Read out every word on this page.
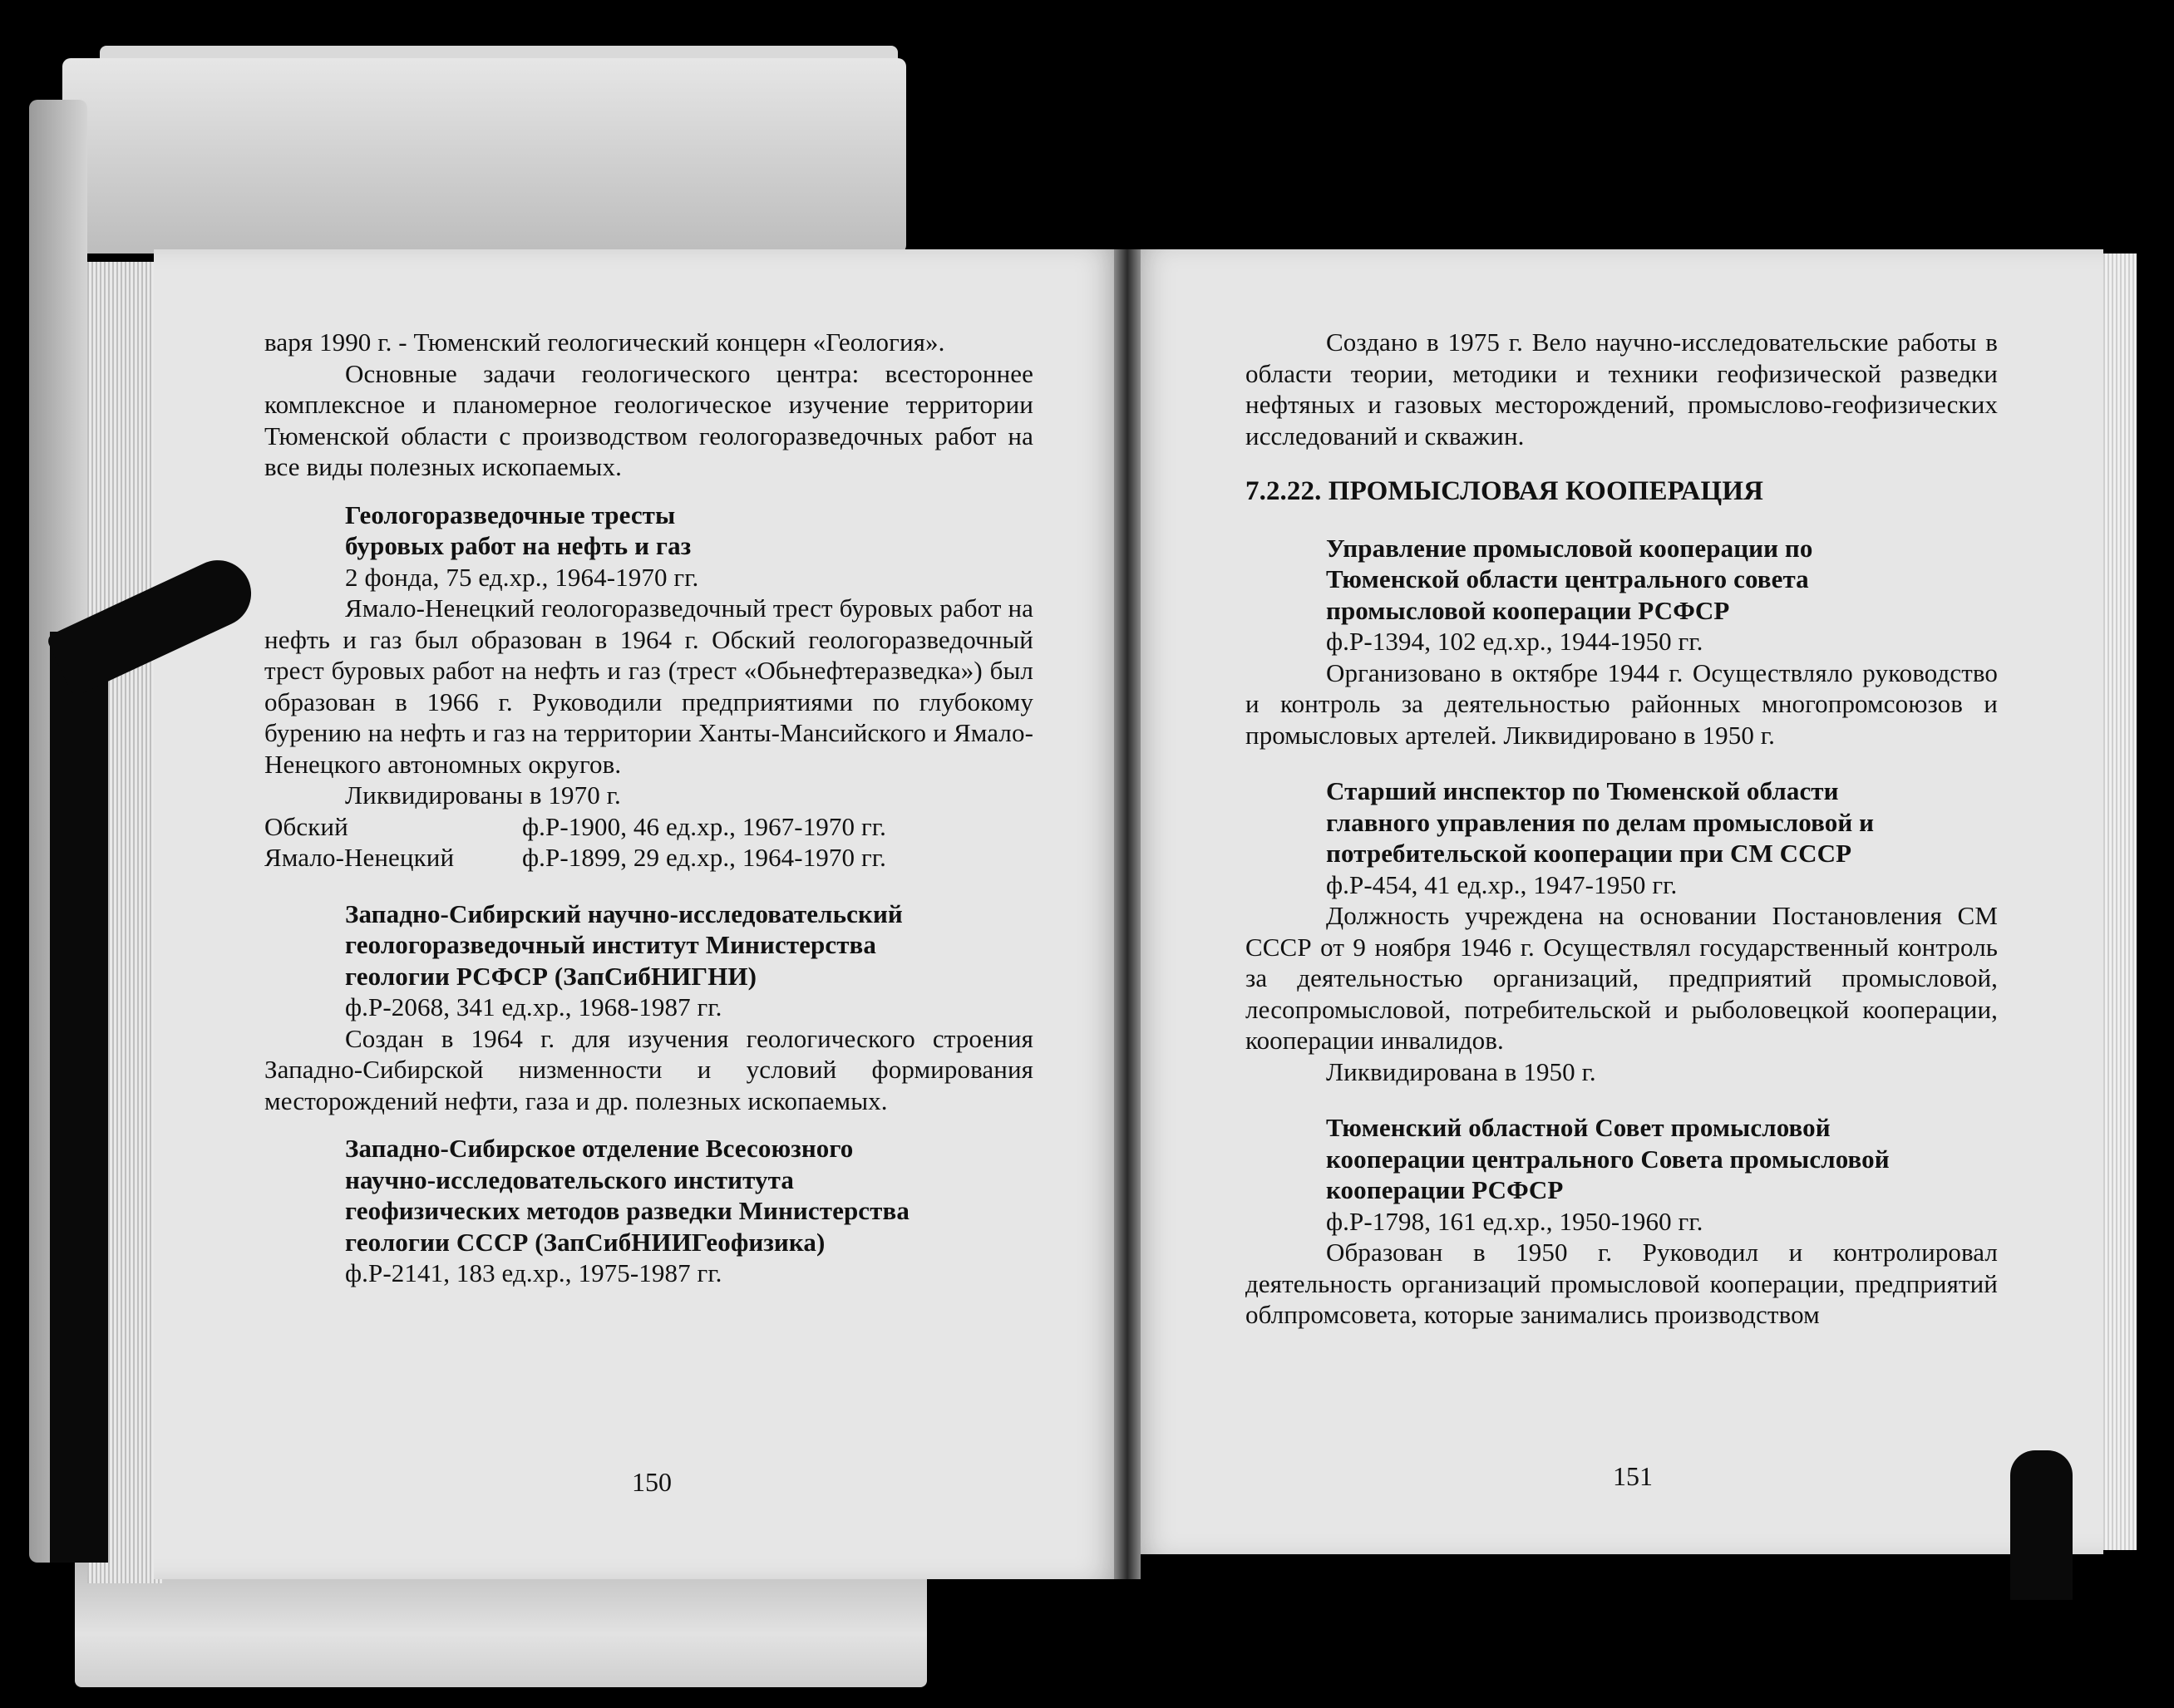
варя 1990 г. - Тюменский геологический концерн «Геология».

Основные задачи геологического центра: всестороннее комплексное и планомерное геологическое изучение территории Тюменской области с производством геологоразведочных работ на все виды полезных ископаемых.

Геологоразведочные тресты

буровых работ на нефть и газ

2 фонда, 75 ед.хр., 1964-1970 гг.

Ямало-Ненецкий геологоразведочный трест буровых работ на нефть и газ был образован в 1964 г. Обский геологоразведочный трест буровых работ на нефть и газ (трест «Обьнефтеразведка») был образован в 1966 г. Руководили предприятиями по глубокому бурению на нефть и газ на территории Ханты-Мансийского и Ямало-Ненецкого автономных округов.

Ликвидированы в 1970 г.

Обский	ф.Р-1900, 46 ед.хр., 1967-1970 гг.
Ямало-Ненецкий	ф.Р-1899, 29 ед.хр., 1964-1970 гг.

Западно-Сибирский научно-исследовательский

геологоразведочный институт Министерства

геологии РСФСР (ЗапСибНИГНИ)

ф.Р-2068, 341 ед.хр., 1968-1987 гг.

Создан в 1964 г. для изучения геологического строения Западно-Сибирской низменности и условий формирования месторождений нефти, газа и др. полезных ископаемых.

Западно-Сибирское отделение Всесоюзного

научно-исследовательского института

геофизических методов разведки Министерства

геологии СССР (ЗапСибНИИГеофизика)

ф.Р-2141, 183 ед.хр., 1975-1987 гг.

150

Создано в 1975 г. Вело научно-исследовательские работы в области теории, методики и техники геофизической разведки нефтяных и газовых месторождений, промыслово-геофизических исследований и скважин.

7.2.22. ПРОМЫСЛОВАЯ КООПЕРАЦИЯ

Управление промысловой кооперации по

Тюменской области центрального совета

промысловой кооперации РСФСР

ф.Р-1394, 102 ед.хр., 1944-1950 гг.

Организовано в октябре 1944 г. Осуществляло руководство и контроль за деятельностью районных многопромсоюзов и промысловых артелей. Ликвидировано в 1950 г.

Старший инспектор по Тюменской области

главного управления по делам промысловой и

потребительской кооперации при СМ СССР

ф.Р-454, 41 ед.хр., 1947-1950 гг.

Должность учреждена на основании Постановления СМ СССР от 9 ноября 1946 г. Осуществлял государственный контроль за деятельностью организаций, предприятий промысловой, лесопромысловой, потребительской и рыболовецкой кооперации, кооперации инвалидов.

Ликвидирована в 1950 г.

Тюменский областной Совет промысловой

кооперации центрального Совета промысловой

кооперации РСФСР

ф.Р-1798, 161 ед.хр., 1950-1960 гг.

Образован в 1950 г. Руководил и контролировал деятельность организаций промысловой кооперации, предприятий облпромсовета, которые занимались производством

151
